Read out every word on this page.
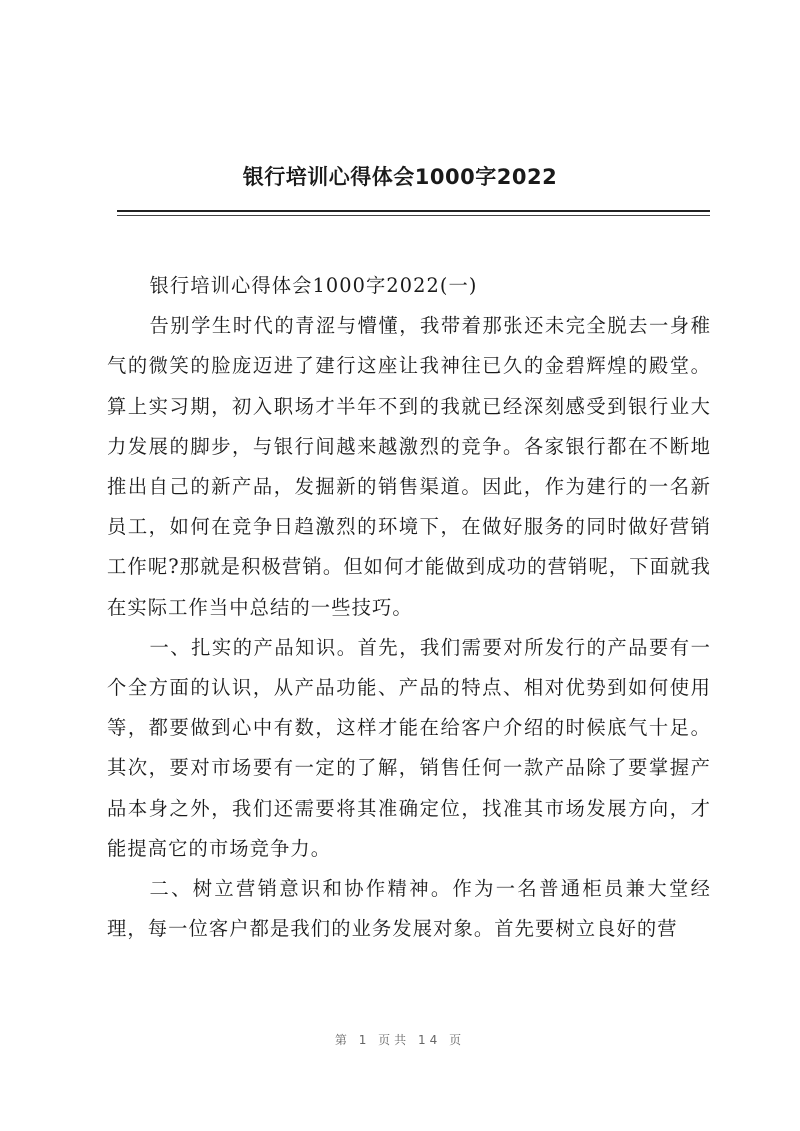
银行培训心得体会1000字2022

银行培训心得体会1000字2022(一)

告别学生时代的青涩与懵懂，我带着那张还未完全脱去一身稚气的微笑的脸庞迈进了建行这座让我神往已久的金碧辉煌的殿堂。算上实习期，初入职场才半年不到的我就已经深刻感受到银行业大力发展的脚步，与银行间越来越激烈的竞争。各家银行都在不断地推出自己的新产品，发掘新的销售渠道。因此，作为建行的一名新员工，如何在竞争日趋激烈的环境下，在做好服务的同时做好营销工作呢?那就是积极营销。但如何才能做到成功的营销呢，下面就我在实际工作当中总结的一些技巧。

一、扎实的产品知识。首先，我们需要对所发行的产品要有一个全方面的认识，从产品功能、产品的特点、相对优势到如何使用等，都要做到心中有数，这样才能在给客户介绍的时候底气十足。其次，要对市场要有一定的了解，销售任何一款产品除了要掌握产品本身之外，我们还需要将其准确定位，找准其市场发展方向，才能提高它的市场竞争力。

二、树立营销意识和协作精神。作为一名普通柜员兼大堂经理，每一位客户都是我们的业务发展对象。首先要树立良好的营

第 1 页共 14 页
